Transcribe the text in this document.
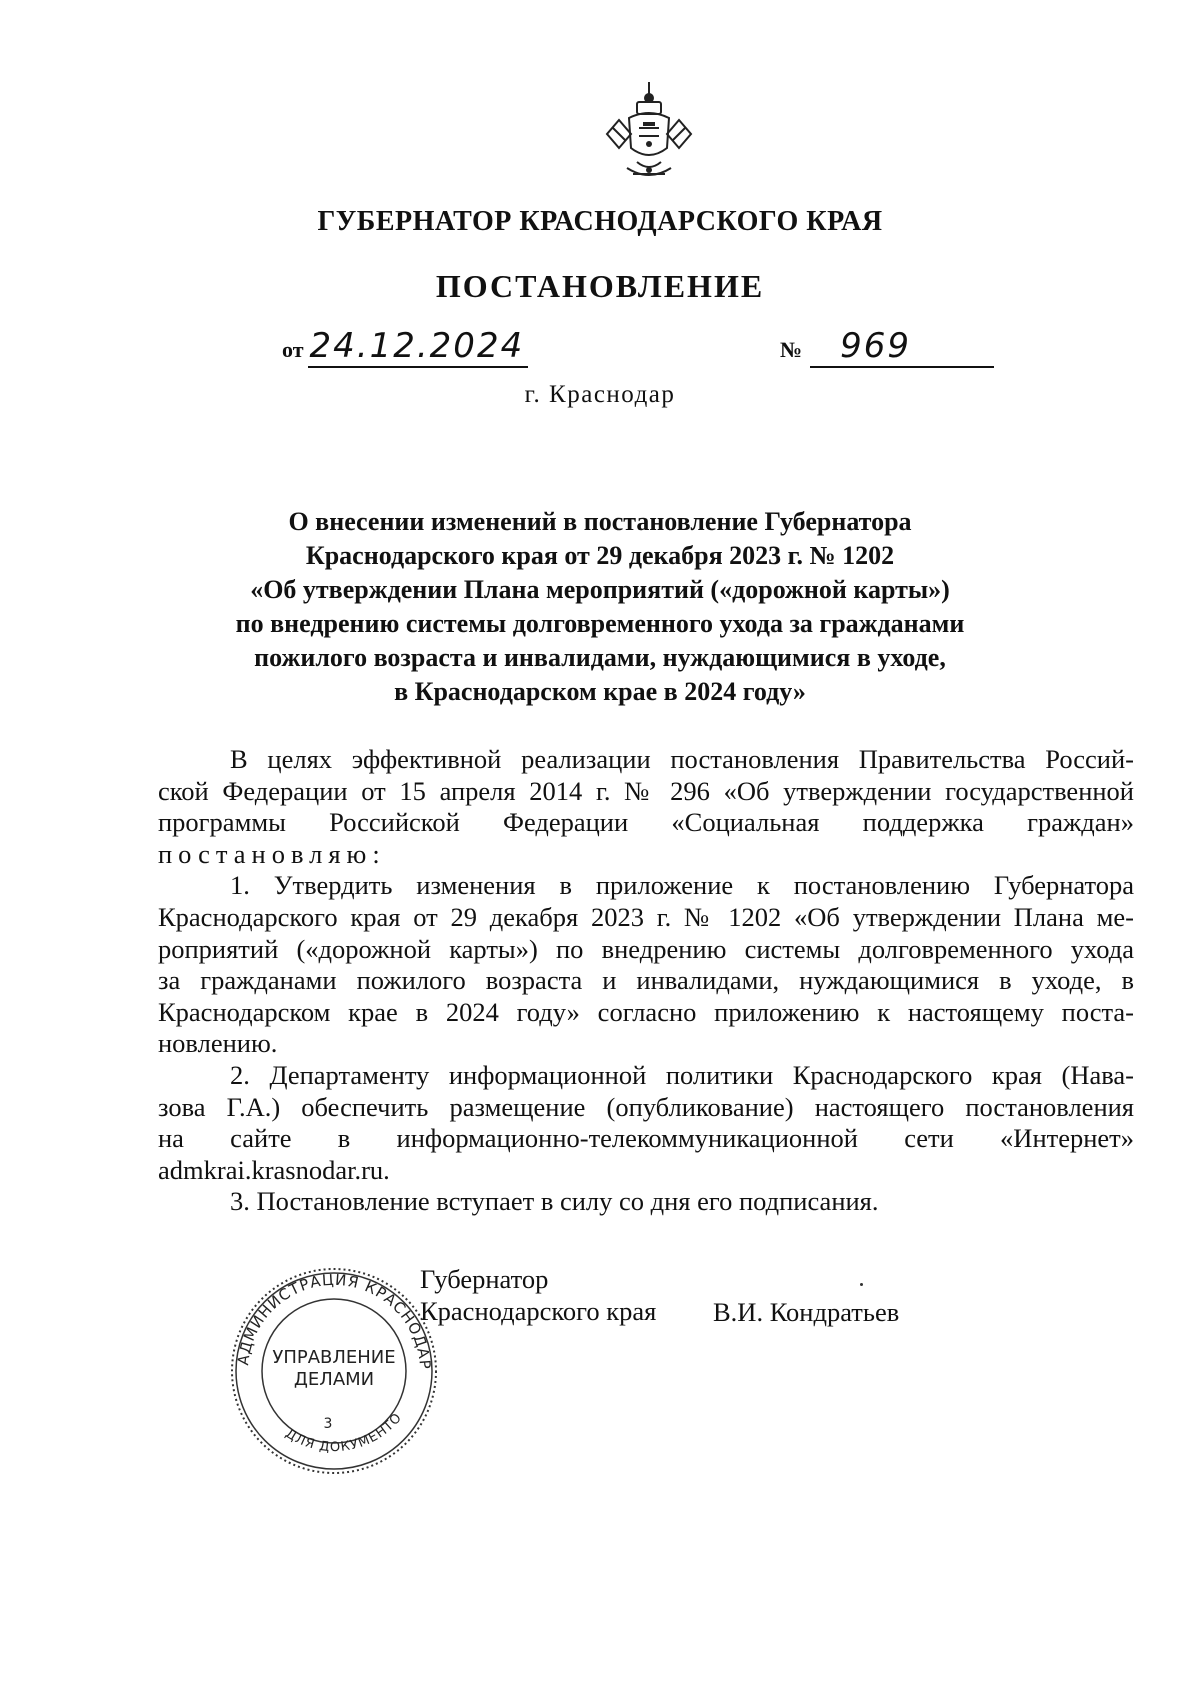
ГУБЕРНАТОР КРАСНОДАРСКОГО КРАЯ
ПОСТАНОВЛЕНИЕ
от 24.12.2024	№ 969
г. Краснодар
О внесении изменений в постановление Губернатора
Краснодарского края от 29 декабря 2023 г. № 1202
«Об утверждении Плана мероприятий («дорожной карты»)
по внедрению системы долговременного ухода за гражданами
пожилого возраста и инвалидами, нуждающимися в уходе,
в Краснодарском крае в 2024 году»
В целях эффективной реализации постановления Правительства Россий-
ской Федерации от 15 апреля 2014 г. № 296 «Об утверждении государственной
программы Российской Федерации «Социальная поддержка граждан»
постановляю:
1. Утвердить изменения в приложение к постановлению Губернатора
Краснодарского края от 29 декабря 2023 г. № 1202 «Об утверждении Плана ме-
роприятий («дорожной карты») по внедрению системы долговременного ухода
за гражданами пожилого возраста и инвалидами, нуждающимися в уходе, в
Краснодарском крае в 2024 году» согласно приложению к настоящему поста-
новлению.
2. Департаменту информационной политики Краснодарского края (Нава-
зова Г.А.) обеспечить размещение (опубликование) настоящего постановления
на сайте в информационно-телекоммуникационной сети «Интернет»
admkrai.krasnodar.ru.
3. Постановление вступает в силу со дня его подписания.
Губернатор
Краснодарского края В.И. Кондратьев
АДМИНИСТРАЦИЯ КРАСНОДАР
ДЛЯ ДОКУМЕНТО
УПРАВЛЕНИЕ
ДЕЛАМИ
3
